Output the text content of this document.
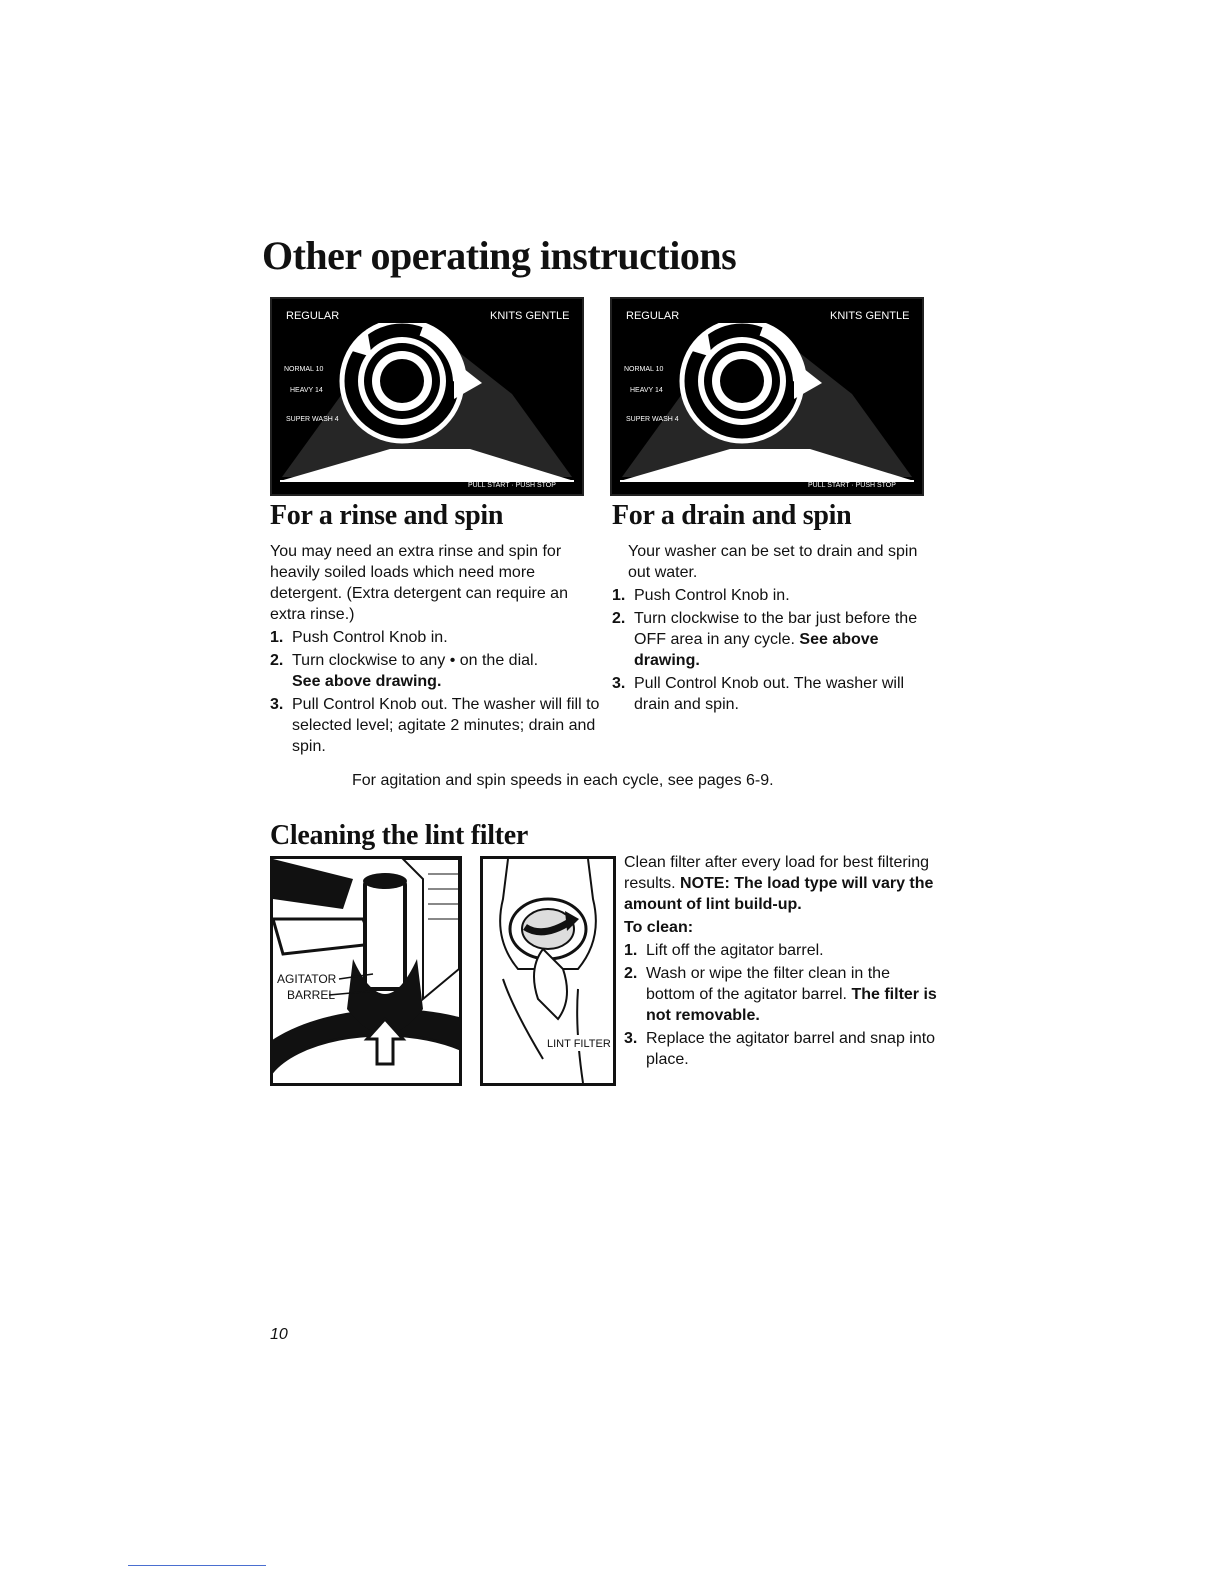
Other operating instructions
REGULAR	KNITS GENTLE
NORMAL 10
HEAVY 14
SUPER WASH 4
PULL START · PUSH STOP
REGULAR	KNITS GENTLE
NORMAL 10
HEAVY 14
SUPER WASH 4
PULL START · PUSH STOP
For a rinse and spin

You may need an extra rinse and spin for heavily soiled loads which need more detergent. (Extra detergent can require an extra rinse.)

1. Push Control Knob in.
2. Turn clockwise to any • on the dial.
See above drawing.
3. Pull Control Knob out. The washer will fill to selected level; agitate 2 minutes; drain and spin.
For a drain and spin

Your washer can be set to drain and spin out water.

1. Push Control Knob in.
2. Turn clockwise to the bar just before the OFF area in any cycle. See above drawing.
3. Pull Control Knob out. The washer will drain and spin.
For agitation and spin speeds in each cycle, see pages 6-9.
Cleaning the lint filter
AGITATOR
BARREL
LINT FILTER

Clean filter after every load for best filtering results. NOTE: The load type will vary the amount of lint build-up.

To clean:

1. Lift off the agitator barrel.
2. Wash or wipe the filter clean in the bottom of the agitator barrel. The filter is not removable.
3. Replace the agitator barrel and snap into place.
10
